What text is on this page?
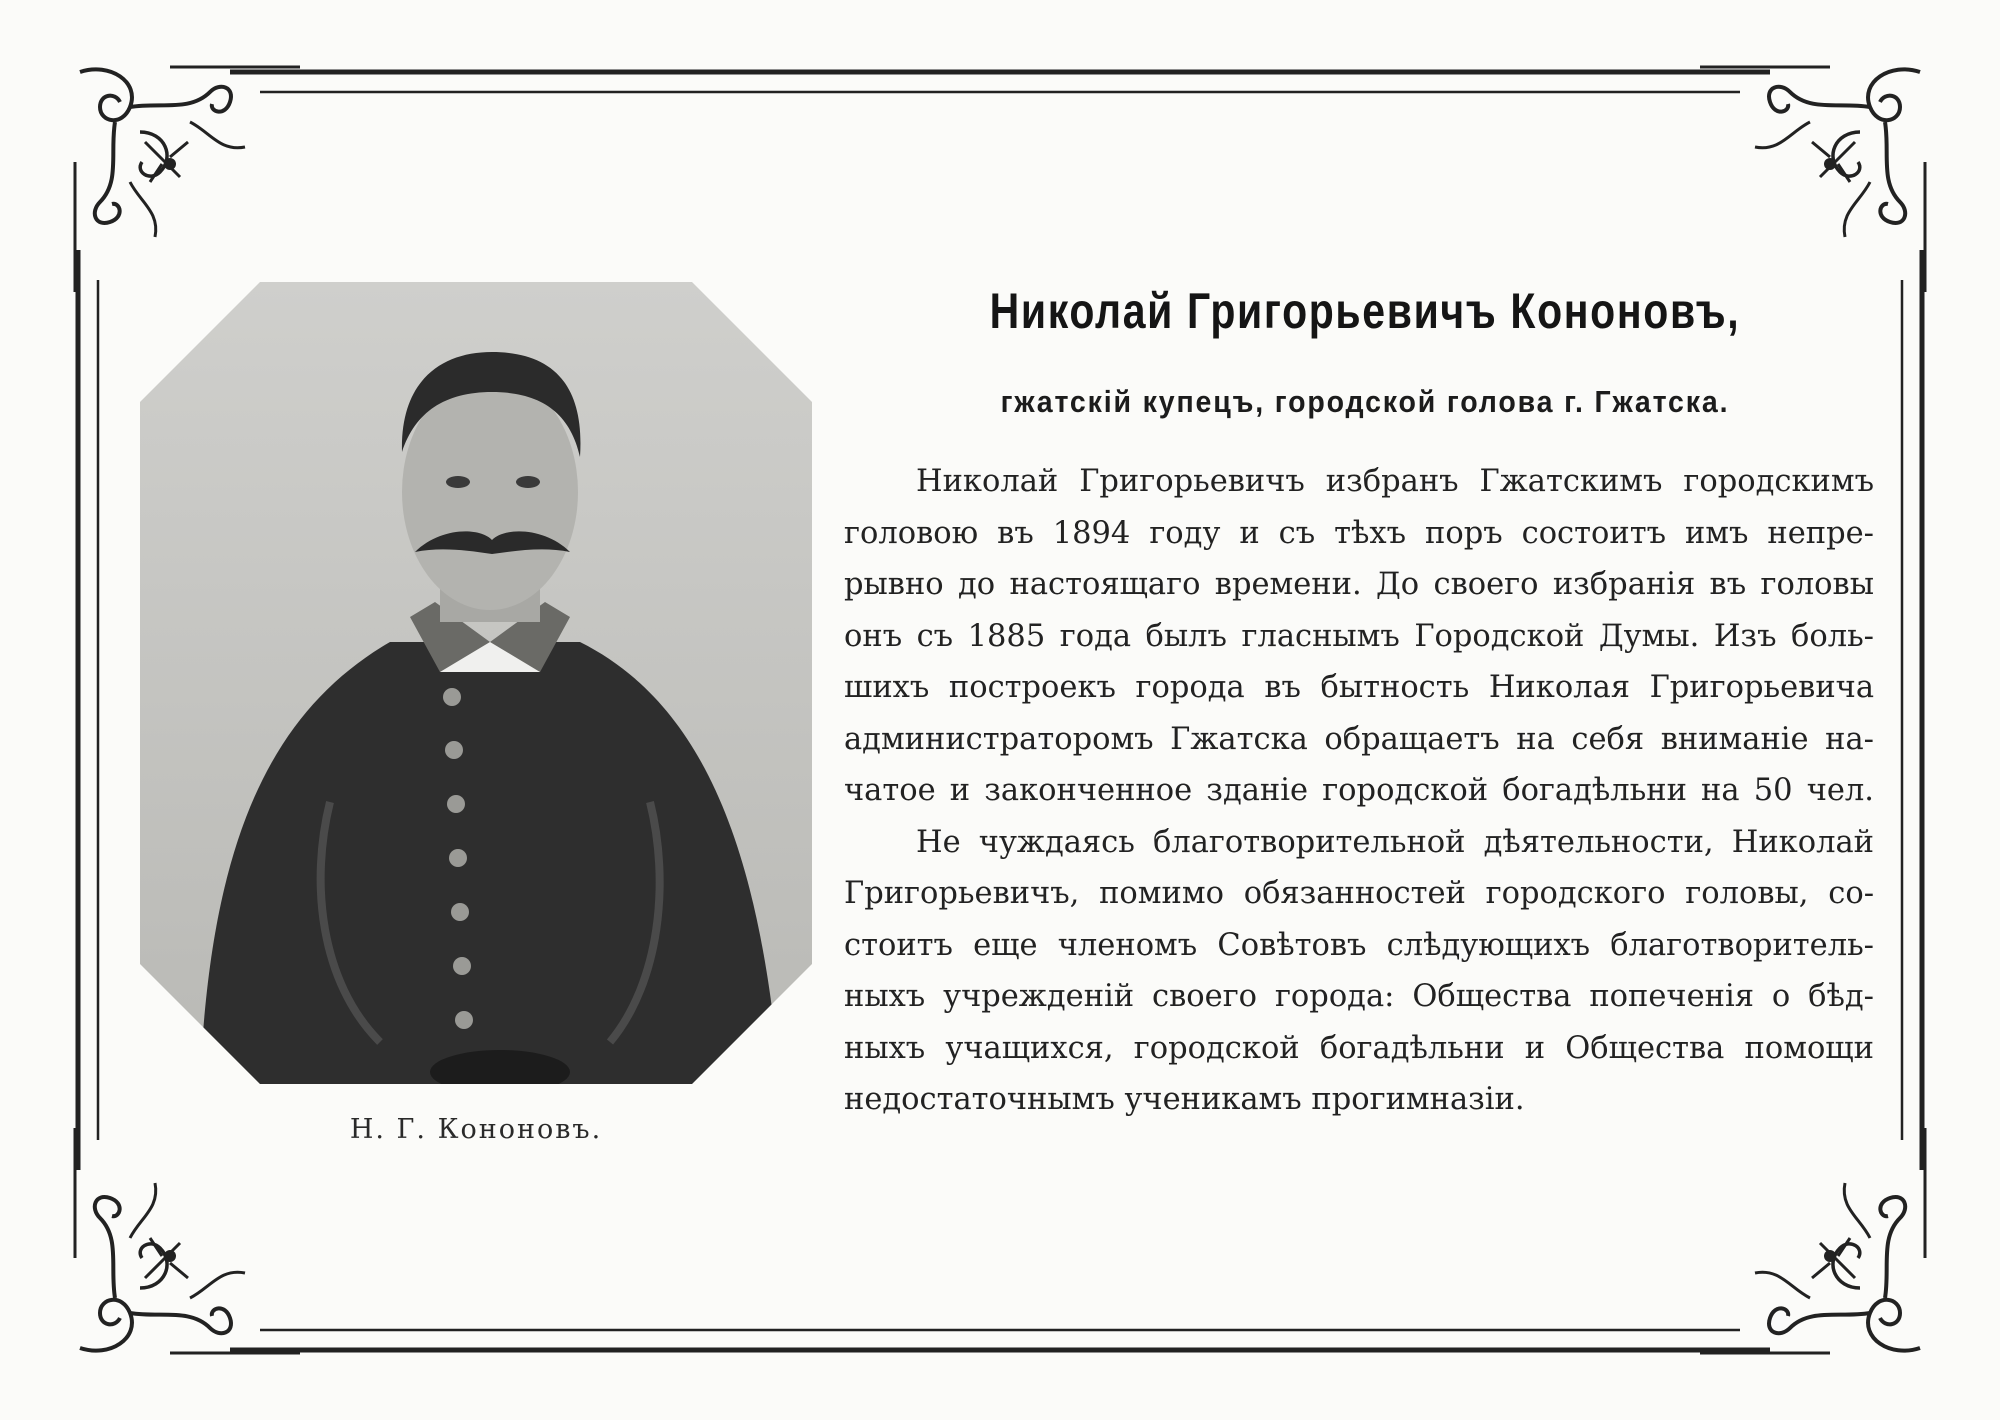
Н. Г. Кононовъ.
Николай Григорьевичъ Кононовъ,
гжатскій купецъ, городской голова г. Гжатска.
Николай Григорьевичъ избранъ Гжатскимъ городскимъ
головою въ 1894 году и съ тѣхъ поръ состоитъ имъ непре-
рывно до настоящаго времени. До своего избранія въ головы
онъ съ 1885 года былъ гласнымъ Городской Думы. Изъ боль-
шихъ построекъ города въ бытность Николая Григорьевича
администраторомъ Гжатска обращаетъ на себя вниманіе на-
чатое и законченное зданіе городской богадѣльни на 50 чел.
Не чуждаясь благотворительной дѣятельности, Николай
Григорьевичъ, помимо обязанностей городского головы, со-
стоитъ еще членомъ Совѣтовъ слѣдующихъ благотворитель-
ныхъ учрежденій своего города: Общества попеченія о бѣд-
ныхъ учащихся, городской богадѣльни и Общества помощи
недостаточнымъ ученикамъ прогимназіи.
